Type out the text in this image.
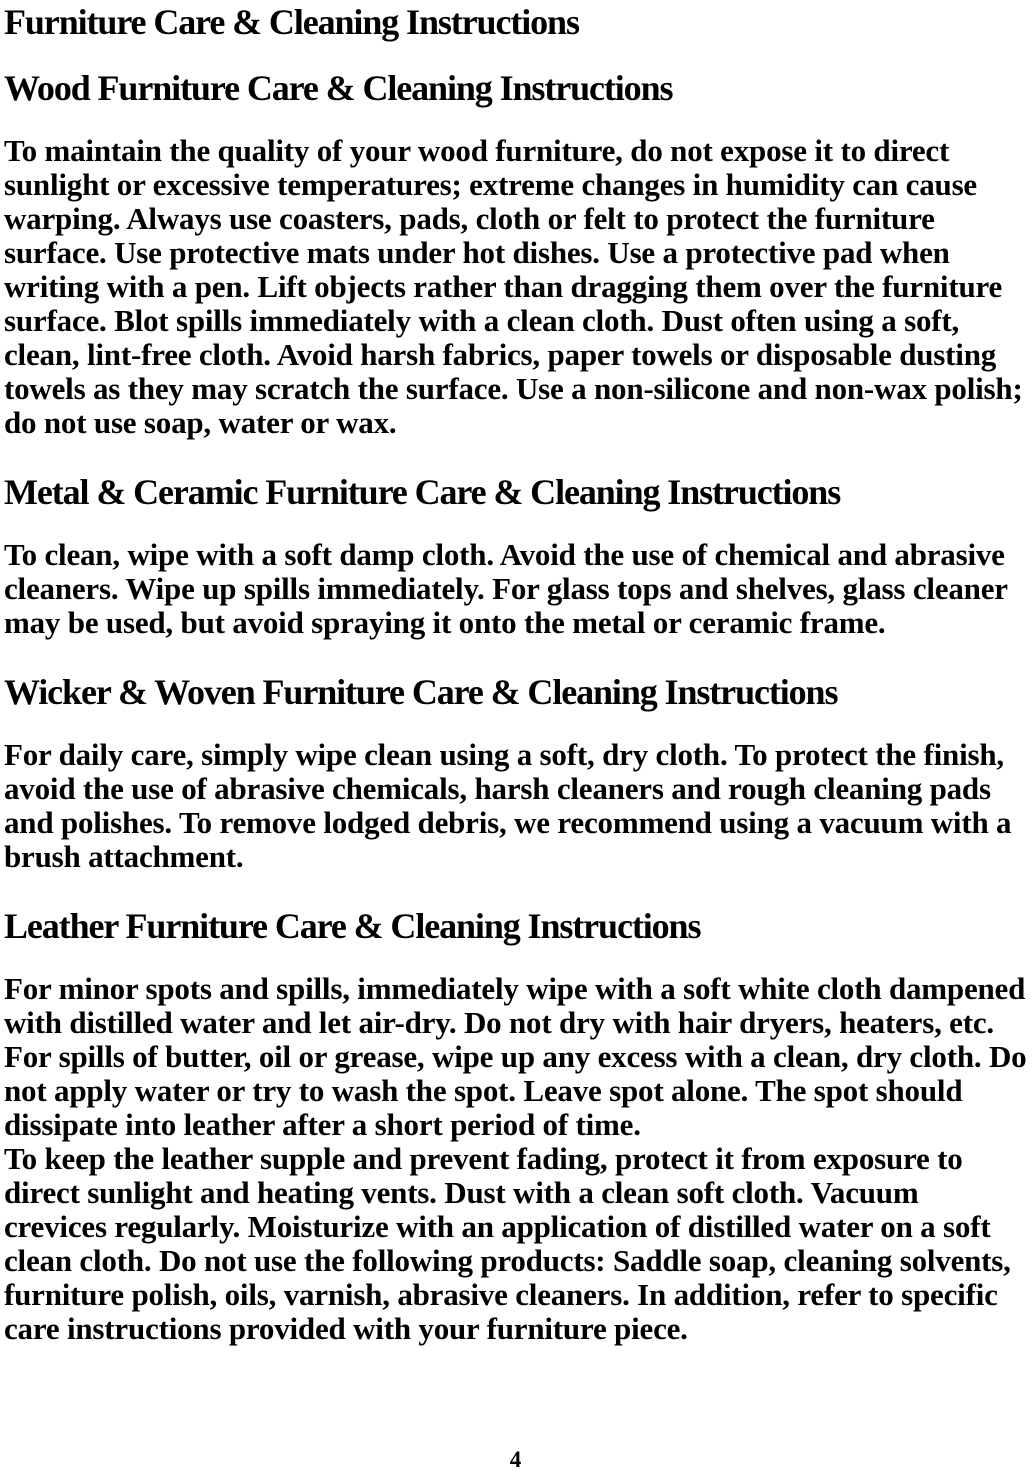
Furniture Care & Cleaning Instructions
Wood Furniture Care & Cleaning Instructions

To maintain the quality of your wood furniture, do not expose it to direct sunlight or excessive temperatures; extreme changes in humidity can cause warping. Always use coasters, pads, cloth or felt to protect the furniture surface. Use protective mats under hot dishes. Use a protective pad when writing with a pen. Lift objects rather than dragging them over the furniture surface. Blot spills immediately with a clean cloth. Dust often using a soft, clean, lint-free cloth. Avoid harsh fabrics, paper towels or disposable dusting towels as they may scratch the surface. Use a non-silicone and non-wax polish; do not use soap, water or wax.

Metal & Ceramic Furniture Care & Cleaning Instructions

To clean, wipe with a soft damp cloth. Avoid the use of chemical and abrasive cleaners. Wipe up spills immediately. For glass tops and shelves, glass cleaner may be used, but avoid spraying it onto the metal or ceramic frame.

Wicker & Woven Furniture Care & Cleaning Instructions

For daily care, simply wipe clean using a soft, dry cloth. To protect the finish, avoid the use of abrasive chemicals, harsh cleaners and rough cleaning pads and polishes. To remove lodged debris, we recommend using a vacuum with a brush attachment.

Leather Furniture Care & Cleaning Instructions

For minor spots and spills, immediately wipe with a soft white cloth dampened with distilled water and let air-dry. Do not dry with hair dryers, heaters, etc.

For spills of butter, oil or grease, wipe up any excess with a clean, dry cloth. Do not apply water or try to wash the spot. Leave spot alone. The spot should dissipate into leather after a short period of time.

To keep the leather supple and prevent fading, protect it from exposure to direct sunlight and heating vents. Dust with a clean soft cloth. Vacuum crevices regularly. Moisturize with an application of distilled water on a soft clean cloth. Do not use the following products: Saddle soap, cleaning solvents, furniture polish, oils, varnish, abrasive cleaners. In addition, refer to specific care instructions provided with your furniture piece.

4
